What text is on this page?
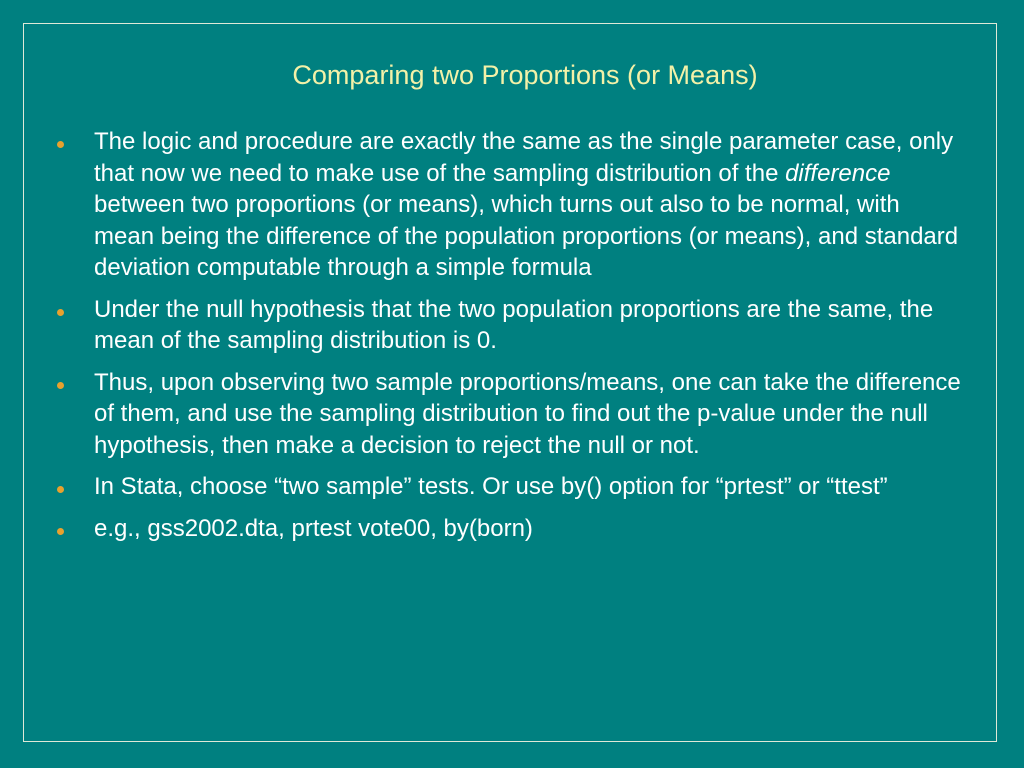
Comparing two Proportions (or Means)
The logic and procedure are exactly the same as the single parameter case, only that now we need to make use of the sampling distribution of the difference between two proportions (or means), which turns out also to be normal, with mean being the difference of the population proportions (or means), and standard deviation computable through a simple formula
Under the null hypothesis that the two population proportions are the same, the mean of the sampling distribution is 0.
Thus, upon observing two sample proportions/means, one can take the difference of them, and use the sampling distribution to find out the p-value under the null hypothesis, then make a decision to reject the null or not.
In Stata, choose “two sample” tests. Or use by() option for “prtest” or “ttest”
e.g., gss2002.dta, prtest vote00, by(born)
